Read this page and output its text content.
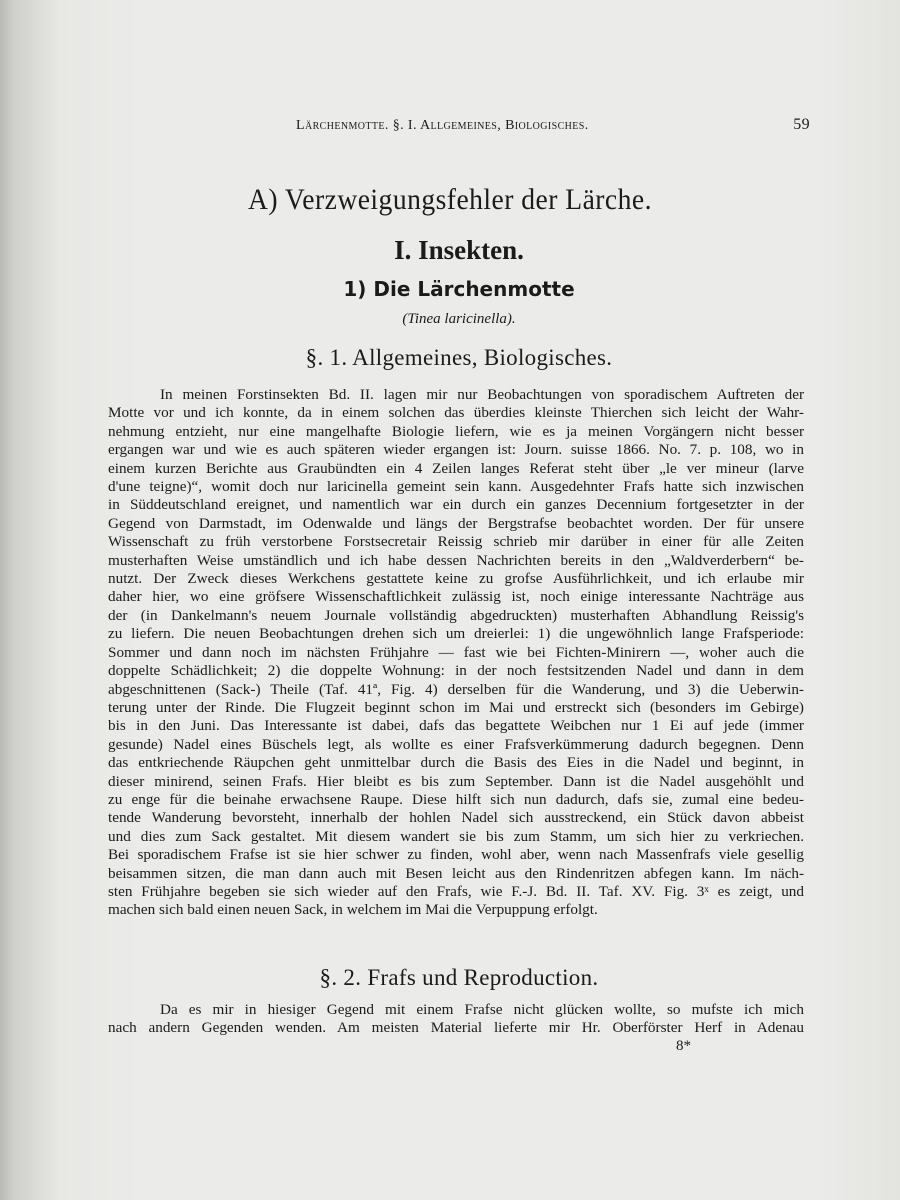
Lärchenmotte. §. I. Allgemeines, Biologisches.	59
A) Verzweigungsfehler der Lärche.
I. Insekten.
1) Die Lärchenmotte
(Tinea laricinella).
§. 1. Allgemeines, Biologisches.
In meinen Forstinsekten Bd. II. lagen mir nur Beobachtungen von sporadischem Auftreten der
Motte vor und ich konnte, da in einem solchen das überdies kleinste Thierchen sich leicht der Wahr-
nehmung entzieht, nur eine mangelhafte Biologie liefern, wie es ja meinen Vorgängern nicht besser
ergangen war und wie es auch späteren wieder ergangen ist: Journ. suisse 1866. No. 7. p. 108, wo in
einem kurzen Berichte aus Graubündten ein 4 Zeilen langes Referat steht über „le ver mineur (larve
d'une teigne)“, womit doch nur laricinella gemeint sein kann. Ausgedehnter Frafs hatte sich inzwischen
in Süddeutschland ereignet, und namentlich war ein durch ein ganzes Decennium fortgesetzter in der
Gegend von Darmstadt, im Odenwalde und längs der Bergstrafse beobachtet worden. Der für unsere
Wissenschaft zu früh verstorbene Forstsecretair Reissig schrieb mir darüber in einer für alle Zeiten
musterhaften Weise umständlich und ich habe dessen Nachrichten bereits in den „Waldverderbern“ be-
nutzt. Der Zweck dieses Werkchens gestattete keine zu grofse Ausführlichkeit, und ich erlaube mir
daher hier, wo eine gröfsere Wissenschaftlichkeit zulässig ist, noch einige interessante Nachträge aus
der (in Dankelmann's neuem Journale vollständig abgedruckten) musterhaften Abhandlung Reissig's
zu liefern. Die neuen Beobachtungen drehen sich um dreierlei: 1) die ungewöhnlich lange Frafsperiode:
Sommer und dann noch im nächsten Frühjahre — fast wie bei Fichten-Minirern —, woher auch die
doppelte Schädlichkeit; 2) die doppelte Wohnung: in der noch festsitzenden Nadel und dann in dem
abgeschnittenen (Sack-) Theile (Taf. 41ª, Fig. 4) derselben für die Wanderung, und 3) die Ueberwin-
terung unter der Rinde. Die Flugzeit beginnt schon im Mai und erstreckt sich (besonders im Gebirge)
bis in den Juni. Das Interessante ist dabei, dafs das begattete Weibchen nur 1 Ei auf jede (immer
gesunde) Nadel eines Büschels legt, als wollte es einer Frafsverkümmerung dadurch begegnen. Denn
das entkriechende Räupchen geht unmittelbar durch die Basis des Eies in die Nadel und beginnt, in
dieser minirend, seinen Frafs. Hier bleibt es bis zum September. Dann ist die Nadel ausgehöhlt und
zu enge für die beinahe erwachsene Raupe. Diese hilft sich nun dadurch, dafs sie, zumal eine bedeu-
tende Wanderung bevorsteht, innerhalb der hohlen Nadel sich ausstreckend, ein Stück davon abbeist
und dies zum Sack gestaltet. Mit diesem wandert sie bis zum Stamm, um sich hier zu verkriechen.
Bei sporadischem Frafse ist sie hier schwer zu finden, wohl aber, wenn nach Massenfrafs viele gesellig
beisammen sitzen, die man dann auch mit Besen leicht aus den Rindenritzen abfegen kann. Im näch-
sten Frühjahre begeben sie sich wieder auf den Frafs, wie F.-J. Bd. II. Taf. XV. Fig. 3ˣ es zeigt, und
machen sich bald einen neuen Sack, in welchem im Mai die Verpuppung erfolgt.
§. 2. Frafs und Reproduction.
Da es mir in hiesiger Gegend mit einem Frafse nicht glücken wollte, so mufste ich mich
nach andern Gegenden wenden. Am meisten Material lieferte mir Hr. Oberförster Herf in Adenau
8*
